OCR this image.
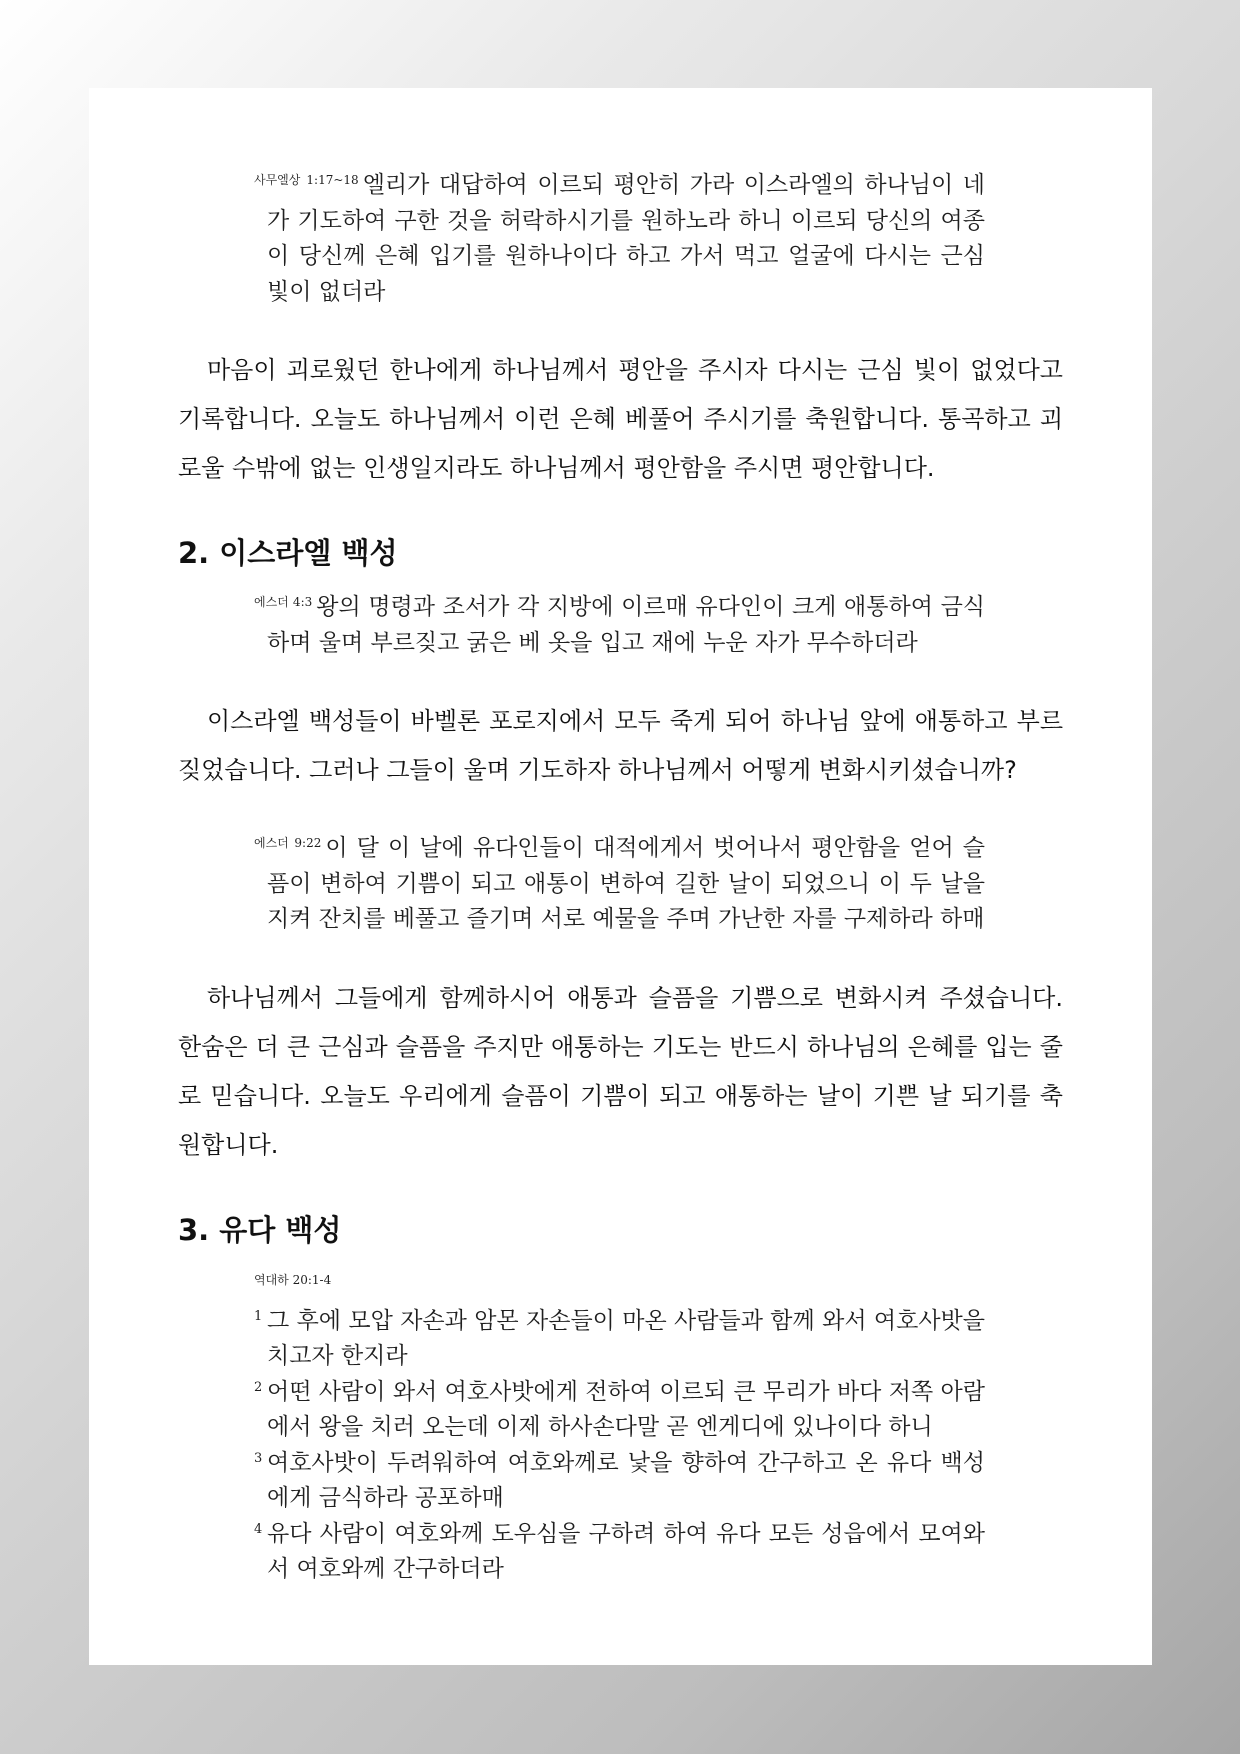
$^{사무엘상 1:17\sim 18}$ 엘리가 대답하여 이르되 평안히 가라 이스라엘의 하나님이 네가 기도하여 구한 것을 허락하시기를 원하노라 하니 이르되 당신의 여종이 당신께 은혜 입기를 원하나이다 하고 가서 먹고 얼굴에 다시는 근심 빛이 없더라

마음이 괴로웠던 한나에게 하나님께서 평안을 주시자 다시는 근심 빛이 없었다고 기록합니다. 오늘도 하나님께서 이런 은혜 베풀어 주시기를 축원합니다. 통곡하고 괴로울 수밖에 없는 인생일지라도 하나님께서 평안함을 주시면 평안합니다.

2. 이스라엘 백성
$^{에스더 4:3}$ 왕의 명령과 조서가 각 지방에 이르매 유다인이 크게 애통하여 금식하며 울며 부르짖고 굵은 베 옷을 입고 재에 누운 자가 무수하더라

이스라엘 백성들이 바벨론 포로지에서 모두 죽게 되어 하나님 앞에 애통하고 부르짖었습니다. 그러나 그들이 울며 기도하자 하나님께서 어떻게 변화시키셨습니까?

$^{에스더 9:22}$ 이 달 이 날에 유다인들이 대적에게서 벗어나서 평안함을 얻어 슬픔이 변하여 기쁨이 되고 애통이 변하여 길한 날이 되었으니 이 두 날을 지켜 잔치를 베풀고 즐기며 서로 예물을 주며 가난한 자를 구제하라 하매

하나님께서 그들에게 함께하시어 애통과 슬픔을 기쁨으로 변화시켜 주셨습니다. 한숨은 더 큰 근심과 슬픔을 주지만 애통하는 기도는 반드시 하나님의 은혜를 입는 줄로 믿습니다. 오늘도 우리에게 슬픔이 기쁨이 되고 애통하는 날이 기쁜 날 되기를 축원합니다.

3. 유다 백성
역대하 20:1-4
1 그 후에 모압 자손과 암몬 자손들이 마온 사람들과 함께 와서 여호사밧을 치고자 한지라
2 어떤 사람이 와서 여호사밧에게 전하여 이르되 큰 무리가 바다 저쪽 아람에서 왕을 치러 오는데 이제 하사손다말 곧 엔게디에 있나이다 하니
3 여호사밧이 두려워하여 여호와께로 낯을 향하여 간구하고 온 유다 백성에게 금식하라 공포하매
4 유다 사람이 여호와께 도우심을 구하려 하여 유다 모든 성읍에서 모여와서 여호와께 간구하더라
